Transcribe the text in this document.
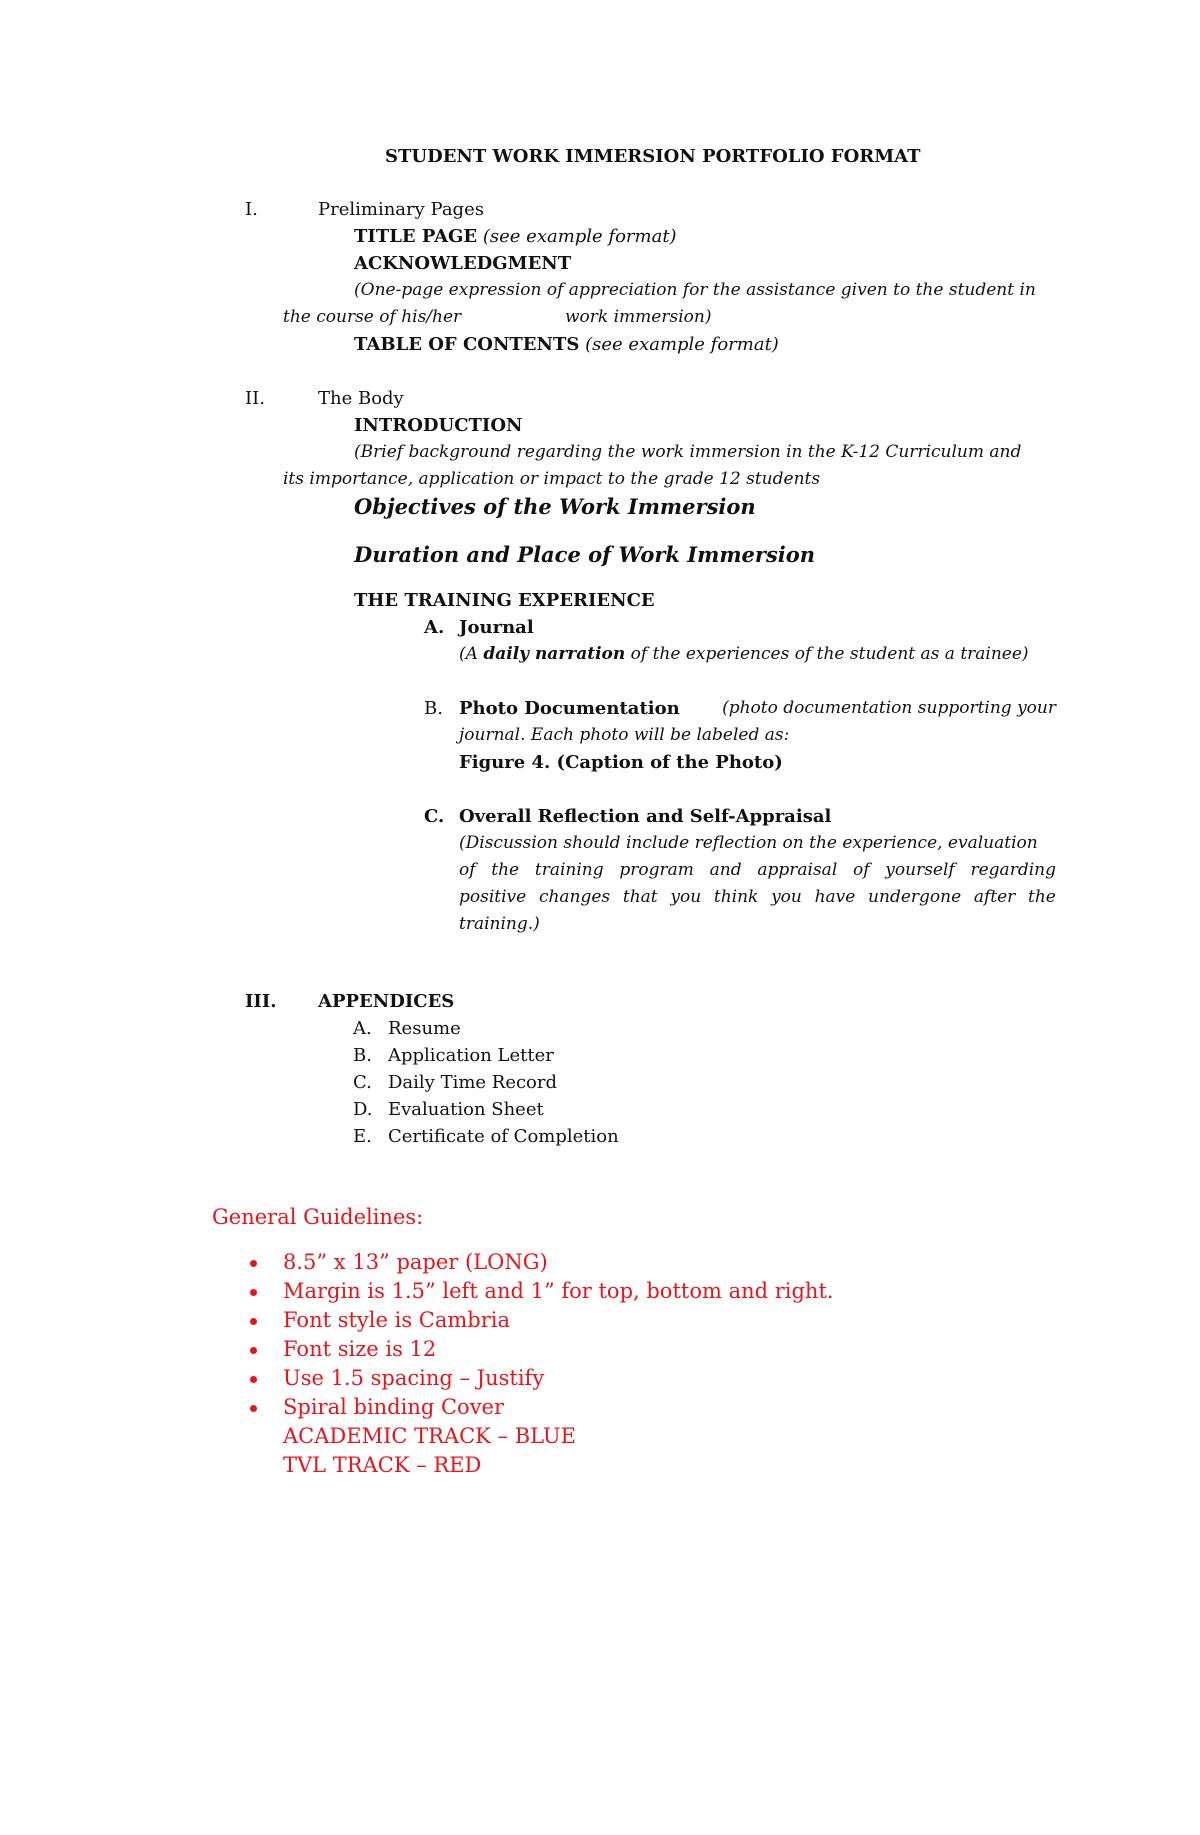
STUDENT WORK IMMERSION PORTFOLIO FORMAT
I.	Preliminary Pages
TITLE PAGE (see example format)
ACKNOWLEDGMENT
(One-page expression of appreciation for the assistance given to the student in
the course of his/her	work immersion)
TABLE OF CONTENTS (see example format)
II.	The Body
INTRODUCTION
(Brief background regarding the work immersion in the K-12 Curriculum and
its importance, application or impact to the grade 12 students
Objectives of the Work Immersion
Duration and Place of Work Immersion
THE TRAINING EXPERIENCE
A. Journal
(A daily narration of the experiences of the student as a trainee)
B. Photo Documentation (photo documentation supporting your
journal. Each photo will be labeled as:
Figure 4. (Caption of the Photo)
C. Overall Reflection and Self-Appraisal
(Discussion should include reflection on the experience, evaluation
of the training program and appraisal of yourself regarding
positive changes that you think you have undergone after the
training.)
III. APPENDICES
A. Resume
B. Application Letter
C. Daily Time Record
D. Evaluation Sheet
E. Certificate of Completion
General Guidelines:
8.5” x 13” paper (LONG)
Margin is 1.5” left and 1” for top, bottom and right.
Font style is Cambria
Font size is 12
Use 1.5 spacing – Justify
Spiral binding Cover
ACADEMIC TRACK – BLUE
TVL TRACK – RED
